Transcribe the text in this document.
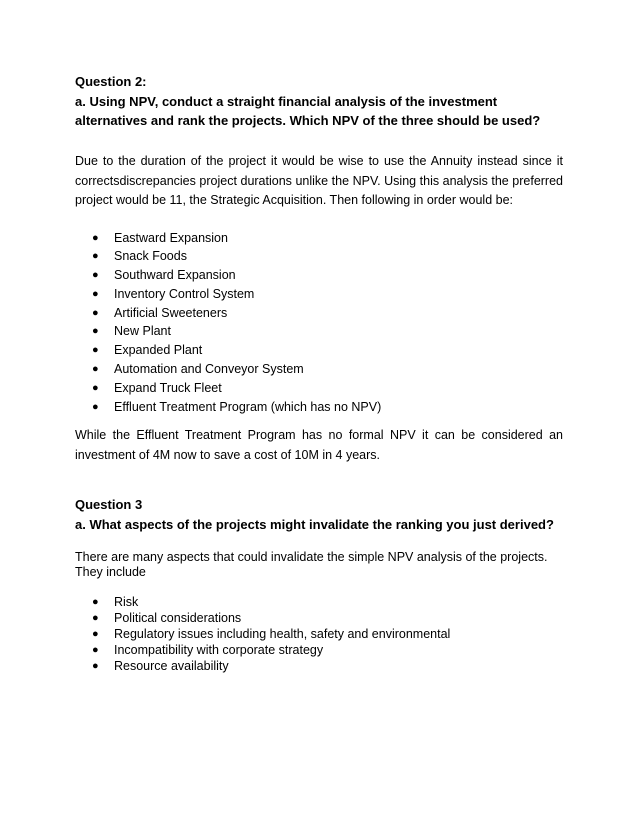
Question 2:

a. Using NPV, conduct a straight financial analysis of the investment alternatives and rank the projects. Which NPV of the three should be used?

Due to the duration of the project it would be wise to use the Annuity instead since it correctsdiscrepancies project durations unlike the NPV. Using this analysis the preferred project would be 11, the Strategic Acquisition. Then following in order would be:

● Eastward Expansion
● Snack Foods
● Southward Expansion
● Inventory Control System
● Artificial Sweeteners
● New Plant
● Expanded Plant
● Automation and Conveyor System
● Expand Truck Fleet
● Effluent Treatment Program (which has no NPV)

While the Effluent Treatment Program has no formal NPV it can be considered an investment of 4M now to save a cost of 10M in 4 years.

Question 3

a. What aspects of the projects might invalidate the ranking you just derived?

There are many aspects that could invalidate the simple NPV analysis of the projects. They include

● Risk
● Political considerations
● Regulatory issues including health, safety and environmental
● Incompatibility with corporate strategy
● Resource availability
